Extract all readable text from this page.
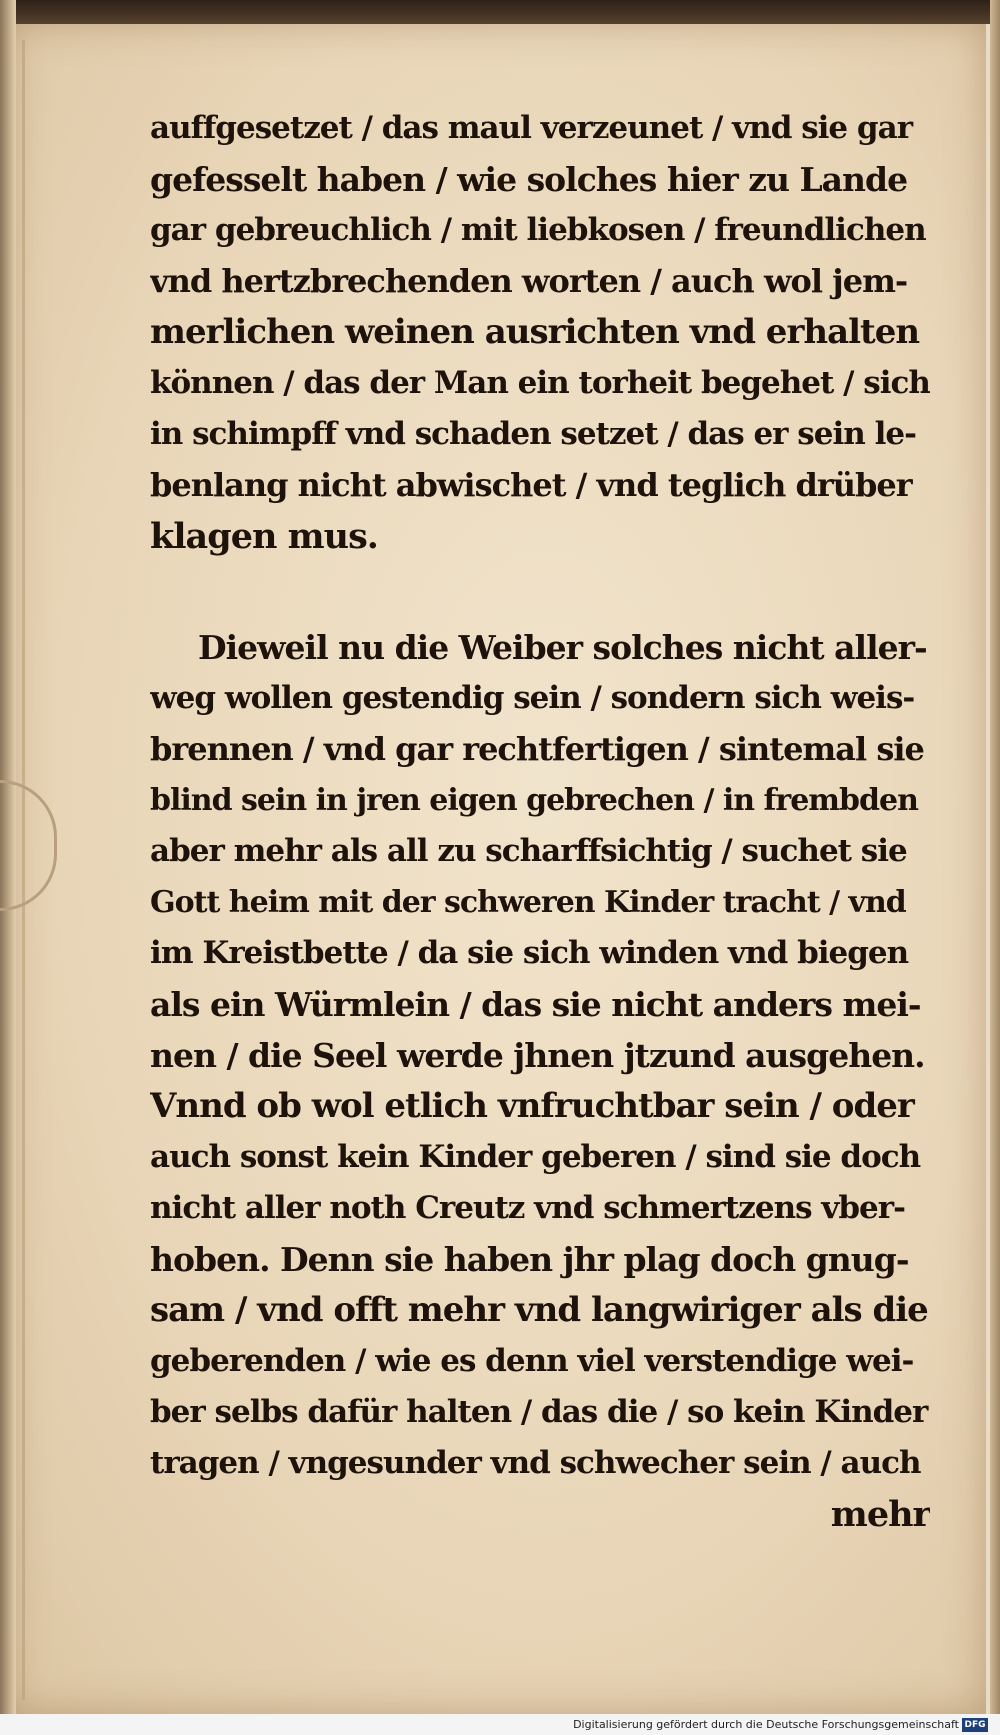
auffgesetzet / das maul verzeunet / vnd sie gar
gefesselt haben / wie solches hier zu Lande
gar gebreuchlich / mit liebkosen / freundlichen
vnd hertzbrechenden worten / auch wol jem-
merlichen weinen ausrichten vnd erhalten
können / das der Man ein torheit begehet / sich
in schimpff vnd schaden setzet / das er sein le-
benlang nicht abwischet / vnd teglich drüber
klagen mus.
Dieweil nu die Weiber solches nicht aller-
weg wollen gestendig sein / sondern sich weis-
brennen / vnd gar rechtfertigen / sintemal sie
blind sein in jren eigen gebrechen / in frembden
aber mehr als all zu scharffsichtig / suchet sie
Gott heim mit der schweren Kinder tracht / vnd
im Kreistbette / da sie sich winden vnd biegen
als ein Würmlein / das sie nicht anders mei-
nen / die Seel werde jhnen jtzund ausgehen.
Vnnd ob wol etlich vnfruchtbar sein / oder
auch sonst kein Kinder geberen / sind sie doch
nicht aller noth Creutz vnd schmertzens vber-
hoben. Denn sie haben jhr plag doch gnug-
sam / vnd offt mehr vnd langwiriger als die
geberenden / wie es denn viel verstendige wei-
ber selbs dafür halten / das die / so kein Kinder
tragen / vngesunder vnd schwecher sein / auch
mehr
Digitalisierung gefördert durch die Deutsche Forschungsgemeinschaft DFG
